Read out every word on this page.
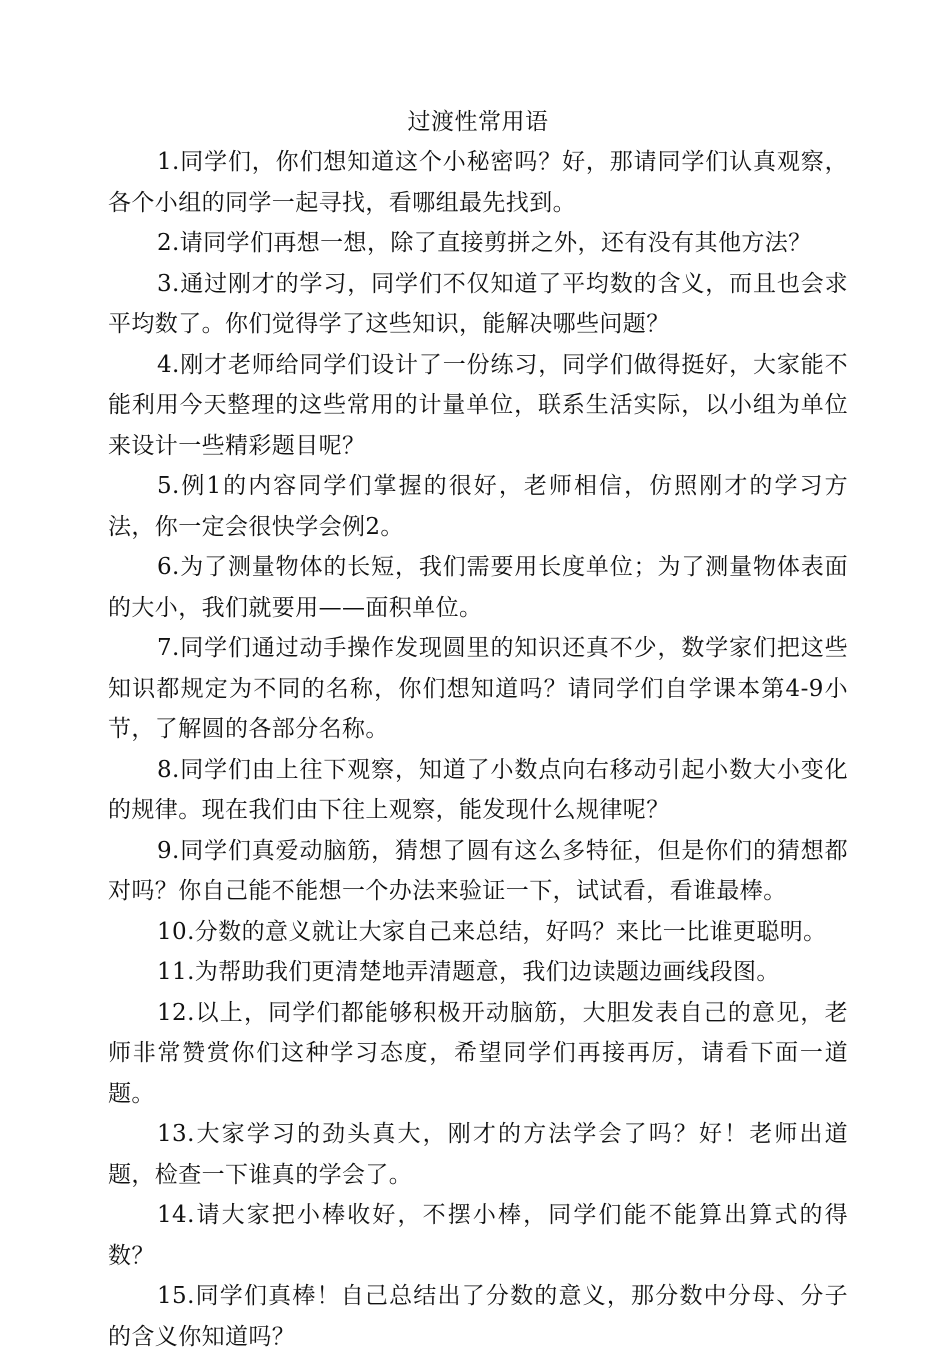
过渡性常用语

1.同学们，你们想知道这个小秘密吗？好，那请同学们认真观察，各个小组的同学一起寻找，看哪组最先找到。

2.请同学们再想一想，除了直接剪拼之外，还有没有其他方法？

3.通过刚才的学习，同学们不仅知道了平均数的含义，而且也会求平均数了。你们觉得学了这些知识，能解决哪些问题？

4.刚才老师给同学们设计了一份练习，同学们做得挺好，大家能不能利用今天整理的这些常用的计量单位，联系生活实际，以小组为单位来设计一些精彩题目呢？

5.例1的内容同学们掌握的很好，老师相信，仿照刚才的学习方法，你一定会很快学会例2。

6.为了测量物体的长短，我们需要用长度单位；为了测量物体表面的大小，我们就要用——面积单位。

7.同学们通过动手操作发现圆里的知识还真不少，数学家们把这些知识都规定为不同的名称，你们想知道吗？请同学们自学课本第4-9小节，了解圆的各部分名称。

8.同学们由上往下观察，知道了小数点向右移动引起小数大小变化的规律。现在我们由下往上观察，能发现什么规律呢？

9.同学们真爱动脑筋，猜想了圆有这么多特征，但是你们的猜想都对吗？你自己能不能想一个办法来验证一下，试试看，看谁最棒。

10.分数的意义就让大家自己来总结，好吗？来比一比谁更聪明。

11.为帮助我们更清楚地弄清题意，我们边读题边画线段图。

12.以上，同学们都能够积极开动脑筋，大胆发表自己的意见，老师非常赞赏你们这种学习态度，希望同学们再接再厉，请看下面一道题。

13.大家学习的劲头真大，刚才的方法学会了吗？好！老师出道题，检查一下谁真的学会了。

14.请大家把小棒收好，不摆小棒，同学们能不能算出算式的得数？

15.同学们真棒！自己总结出了分数的意义，那分数中分母、分子的含义你知道吗？
